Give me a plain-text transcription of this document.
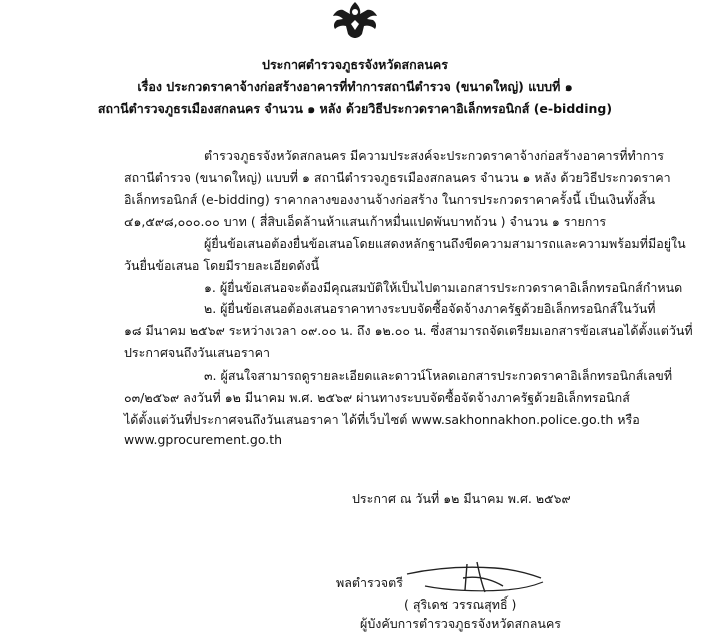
ประกาศตำรวจภูธรจังหวัดสกลนคร
เรื่อง ประกวดราคาจ้างก่อสร้างอาคารที่ทำการสถานีตำรวจ (ขนาดใหญ่) แบบที่ ๑
สถานีตำรวจภูธรเมืองสกลนคร จำนวน ๑ หลัง ด้วยวิธีประกวดราคาอิเล็กทรอนิกส์ (e-bidding)
ตำรวจภูธรจังหวัดสกลนคร มีความประสงค์จะประกวดราคาจ้างก่อสร้างอาคารที่ทำการ
สถานีตำรวจ (ขนาดใหญ่) แบบที่ ๑ สถานีตำรวจภูธรเมืองสกลนคร จำนวน ๑ หลัง ด้วยวิธีประกวดราคา
อิเล็กทรอนิกส์ (e-bidding) ราคากลางของงานจ้างก่อสร้าง ในการประกวดราคาครั้งนี้ เป็นเงินทั้งสิ้น
๔๑,๕๙๘,๐๐๐.๐๐ บาท ( สี่สิบเอ็ดล้านห้าแสนเก้าหมื่นแปดพันบาทถ้วน ) จำนวน ๑ รายการ
ผู้ยื่นข้อเสนอต้องยื่นข้อเสนอโดยแสดงหลักฐานถึงขีดความสามารถและความพร้อมที่มีอยู่ใน
วันยื่นข้อเสนอ โดยมีรายละเอียดดังนี้
๑. ผู้ยื่นข้อเสนอจะต้องมีคุณสมบัติให้เป็นไปตามเอกสารประกวดราคาอิเล็กทรอนิกส์กำหนด
๒. ผู้ยื่นข้อเสนอต้องเสนอราคาทางระบบจัดซื้อจัดจ้างภาครัฐด้วยอิเล็กทรอนิกส์ในวันที่
๑๘ มีนาคม ๒๕๖๙ ระหว่างเวลา ๐๙.๐๐ น. ถึง ๑๒.๐๐ น. ซึ่งสามารถจัดเตรียมเอกสารข้อเสนอได้ตั้งแต่วันที่
ประกาศจนถึงวันเสนอราคา
๓. ผู้สนใจสามารถดูรายละเอียดและดาวน์โหลดเอกสารประกวดราคาอิเล็กทรอนิกส์เลขที่
๐๓/๒๕๖๙ ลงวันที่ ๑๒ มีนาคม พ.ศ. ๒๕๖๙ ผ่านทางระบบจัดซื้อจัดจ้างภาครัฐด้วยอิเล็กทรอนิกส์
ได้ตั้งแต่วันที่ประกาศจนถึงวันเสนอราคา ได้ที่เว็บไซต์ www.sakhonnakhon.police.go.th หรือ
www.gprocurement.go.th
ประกาศ ณ วันที่ ๑๒ มีนาคม พ.ศ. ๒๕๖๙
พลตำรวจตรี
( สุริเดช วรรณสุทธิ์ )
ผู้บังคับการตำรวจภูธรจังหวัดสกลนคร
